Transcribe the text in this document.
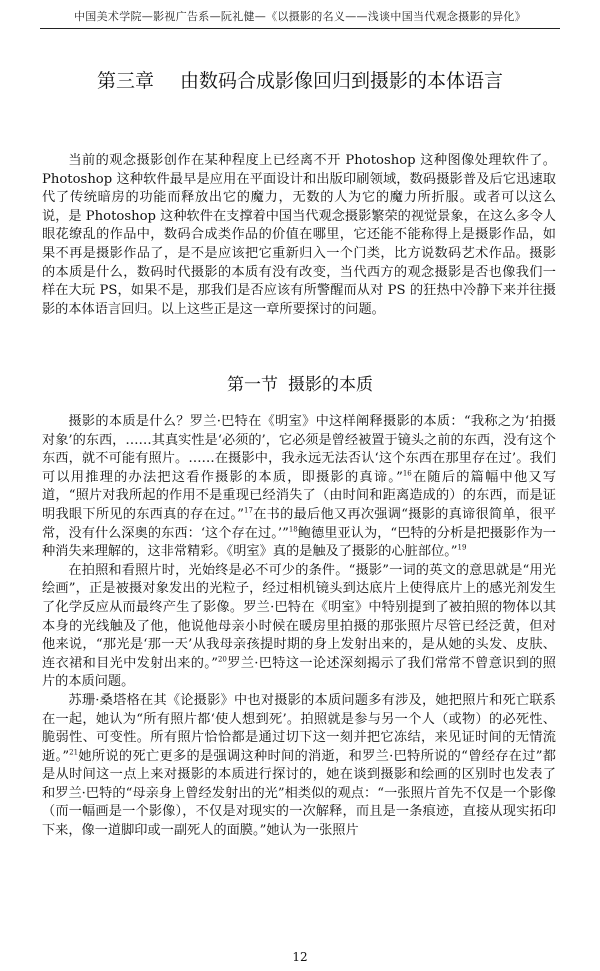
中国美术学院—影视广告系—阮礼健—《以摄影的名义——浅谈中国当代观念摄影的异化》
第三章 由数码合成影像回归到摄影的本体语言

当前的观念摄影创作在某种程度上已经离不开 Photoshop 这种图像处理软件了。Photoshop 这种软件最早是应用在平面设计和出版印刷领域，数码摄影普及后它迅速取代了传统暗房的功能而释放出它的魔力，无数的人为它的魔力所折服。或者可以这么说，是 Photoshop 这种软件在支撑着中国当代观念摄影繁荣的视觉景象，在这么多令人眼花缭乱的作品中，数码合成类作品的价值在哪里，它还能不能称得上是摄影作品，如果不再是摄影作品了，是不是应该把它重新归入一个门类，比方说数码艺术作品。摄影的本质是什么，数码时代摄影的本质有没有改变，当代西方的观念摄影是否也像我们一样在大玩 PS，如果不是，那我们是否应该有所警醒而从对 PS 的狂热中冷静下来并往摄影的本体语言回归。以上这些正是这一章所要探讨的问题。

第一节 摄影的本质

摄影的本质是什么？罗兰·巴特在《明室》中这样阐释摄影的本质：“我称之为‘拍摄对象’的东西，……其真实性是‘必须的’，它必须是曾经被置于镜头之前的东西，没有这个东西，就不可能有照片。……在摄影中，我永远无法否认‘这个东西在那里存在过’。我们可以用推理的办法把这看作摄影的本质，即摄影的真谛。”$^{16}$在随后的篇幅中他又写道，“照片对我所起的作用不是重现已经消失了（由时间和距离造成的）的东西，而是证明我眼下所见的东西真的存在过。”$^{17}$在书的最后他又再次强调“摄影的真谛很简单，很平常，没有什么深奥的东西：‘这个存在过。’”$^{18}$鲍德里亚认为，“巴特的分析是把摄影作为一种消失来理解的，这非常精彩。《明室》真的是触及了摄影的心脏部位。”$^{19}$

在拍照和看照片时，光始终是必不可少的条件。“摄影”一词的英文的意思就是“用光绘画”，正是被摄对象发出的光粒子，经过相机镜头到达底片上使得底片上的感光剂发生了化学反应从而最终产生了影像。罗兰·巴特在《明室》中特别提到了被拍照的物体以其本身的光线触及了他，他说他母亲小时候在暖房里拍摄的那张照片尽管已经泛黄，但对他来说，“那光是‘那一天’从我母亲孩提时期的身上发射出来的，是从她的头发、皮肤、连衣裙和目光中发射出来的。”$^{20}$罗兰·巴特这一论述深刻揭示了我们常常不曾意识到的照片的本质问题。

苏珊·桑塔格在其《论摄影》中也对摄影的本质问题多有涉及，她把照片和死亡联系在一起，她认为“所有照片都‘使人想到死’。拍照就是参与另一个人（或物）的必死性、脆弱性、可变性。所有照片恰恰都是通过切下这一刻并把它冻结，来见证时间的无情流逝。”$^{21}$她所说的死亡更多的是强调这种时间的消逝，和罗兰·巴特所说的“曾经存在过”都是从时间这一点上来对摄影的本质进行探讨的，她在谈到摄影和绘画的区别时也发表了和罗兰·巴特的“母亲身上曾经发射出的光”相类似的观点：“一张照片首先不仅是一个影像（而一幅画是一个影像），不仅是对现实的一次解释，而且是一条痕迹，直接从现实拓印下来，像一道脚印或一副死人的面膜。”她认为一张照片

12
